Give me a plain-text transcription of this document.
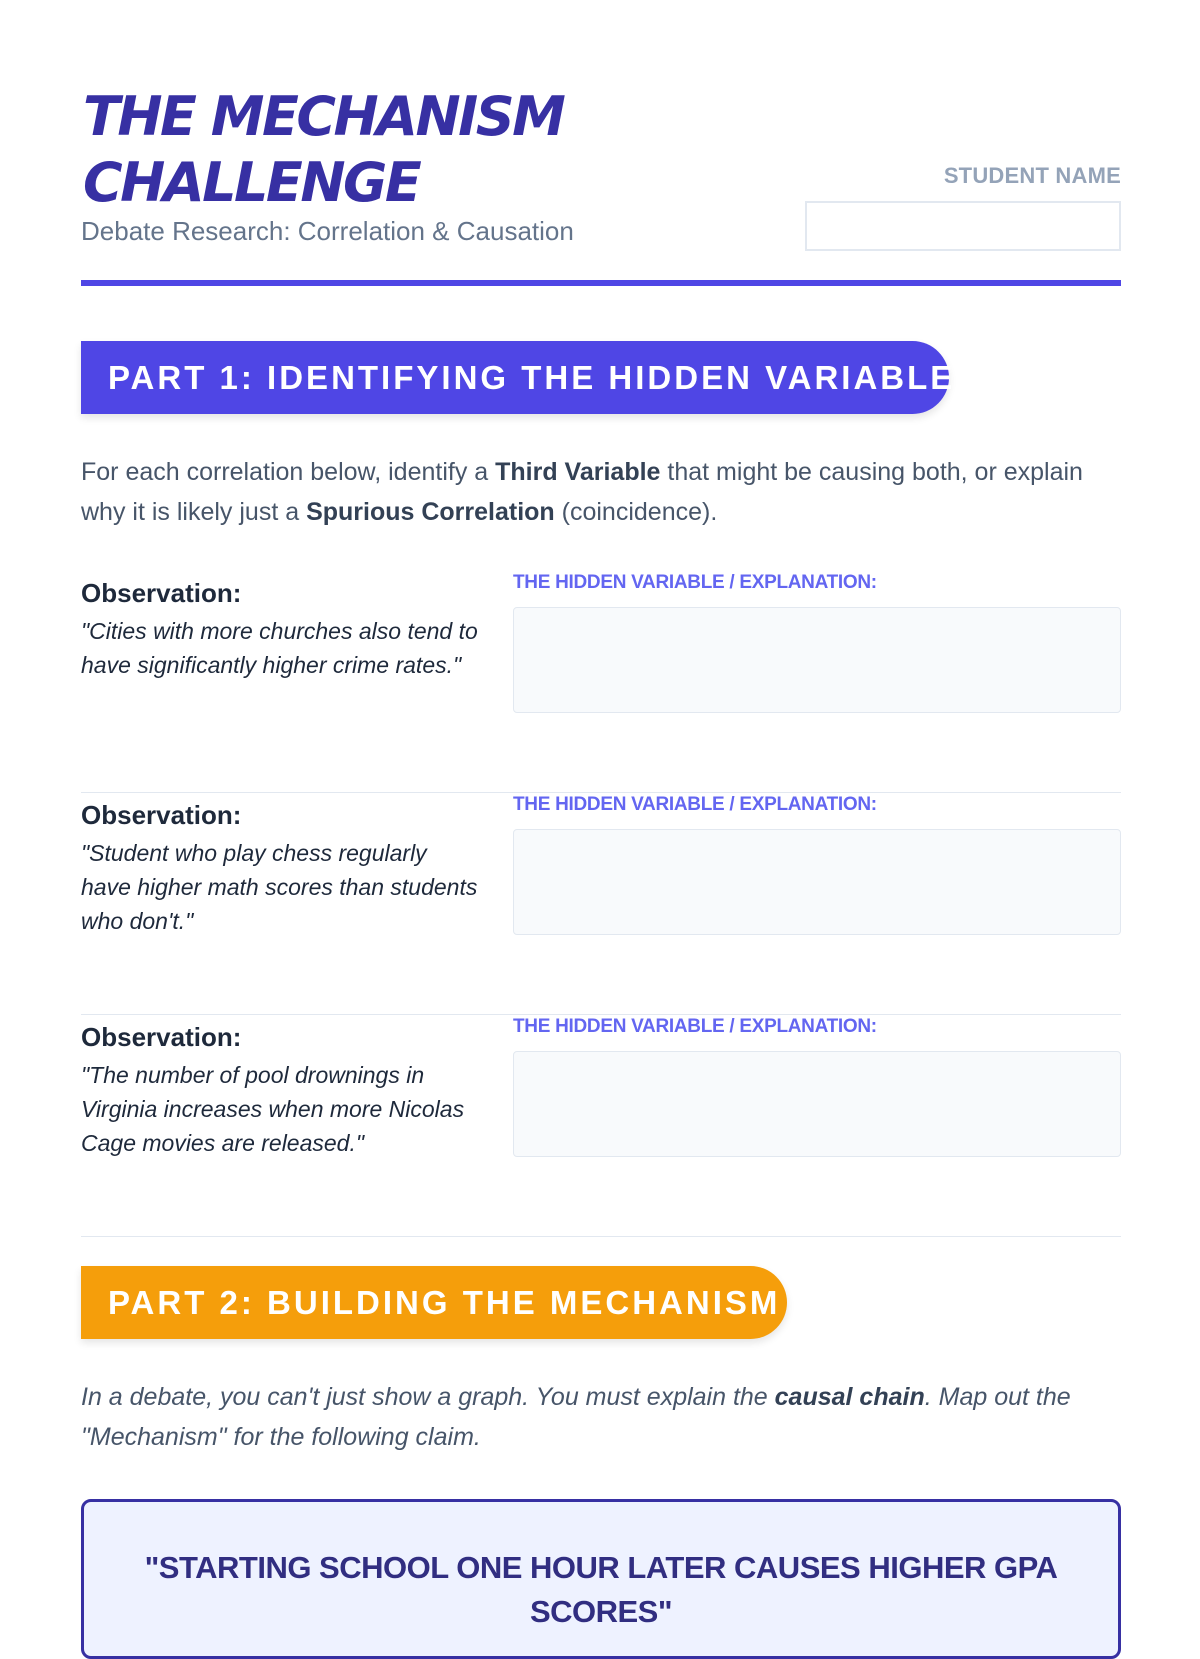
THE MECHANISM CHALLENGE
Debate Research: Correlation & Causation
STUDENT NAME
PART 1: IDENTIFYING THE HIDDEN VARIABLE
For each correlation below, identify a Third Variable that might be causing both, or explain why it is likely just a Spurious Correlation (coincidence).
Observation:
"Cities with more churches also tend to have significantly higher crime rates."
THE HIDDEN VARIABLE / EXPLANATION:
Observation:
"Student who play chess regularly have higher math scores than students who don't."
THE HIDDEN VARIABLE / EXPLANATION:
Observation:
"The number of pool drownings in Virginia increases when more Nicolas Cage movies are released."
THE HIDDEN VARIABLE / EXPLANATION:
PART 2: BUILDING THE MECHANISM
In a debate, you can't just show a graph. You must explain the causal chain. Map out the "Mechanism" for the following claim.
"STARTING SCHOOL ONE HOUR LATER CAUSES HIGHER GPA SCORES"
